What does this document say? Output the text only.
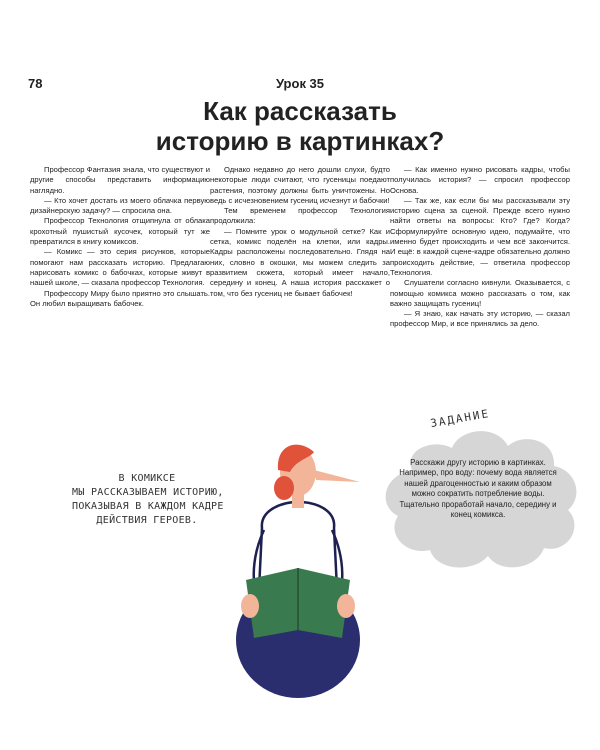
78	Урок 35
Как рассказать
историю в картинках?

Профессор Фантазия знала, что существуют и другие способы представить информацию наглядно.

— Кто хочет достать из моего облачка первую дизайнерскую задачу? — спросила она.

Профессор Технология отщипнула от облака крохотный пушистый кусочек, который тут же превратился в книгу комиксов.

— Комикс — это серия рисунков, которые помогают нам рассказать историю. Предлагаю нарисовать комикс о бабочках, которые живут в нашей школе, — сказала профессор Технология.

Профессору Миру было приятно это слышать. Он любил выращивать бабочек.

Однако недавно до него дошли слухи, будто некоторые люди считают, что гусеницы поедают растения, поэтому должны быть уничтожены. Но ведь с исчезновением гусениц исчезнут и бабочки!

Тем временем профессор Технология продолжила:

— Помните урок о модульной сетке? Как и сетка, комикс поделён на клетки, или кадры. Кадры расположены последовательно. Глядя на них, словно в окошки, мы можем следить за развитием сюжета, который имеет начало, середину и конец. А наша история расскажет о том, что без гусениц не бывает бабочек!

— Как именно нужно рисовать кадры, чтобы получилась история? — спросил профессор Основа.

— Так же, как если бы мы рассказывали эту историю сцена за сценой. Прежде всего нужно найти ответы на вопросы: Кто? Где? Когда? Сформулируйте основную идею, подумайте, что именно будет происходить и чем всё закончится. И ещё: в каждой сцене-кадре обязательно должно происходить действие, — ответила профессор Технология.

Слушатели согласно кивнули. Оказывается, с помощью комикса можно рассказать о том, как важно защищать гусениц!

— Я знаю, как начать эту историю, — сказал профессор Мир, и все принялись за дело.

В КОМИКСЕ
МЫ РАССКАЗЫВАЕМ ИСТОРИЮ,
ПОКАЗЫВАЯ В КАЖДОМ КАДРЕ
ДЕЙСТВИЯ ГЕРОЕВ.
ЗАДАНИЕ
Расскажи другу историю в картинках. Например, про воду: почему вода является нашей драгоценностью и каким образом можно сократить потребление воды. Тщательно проработай начало, середину и конец комикса.
